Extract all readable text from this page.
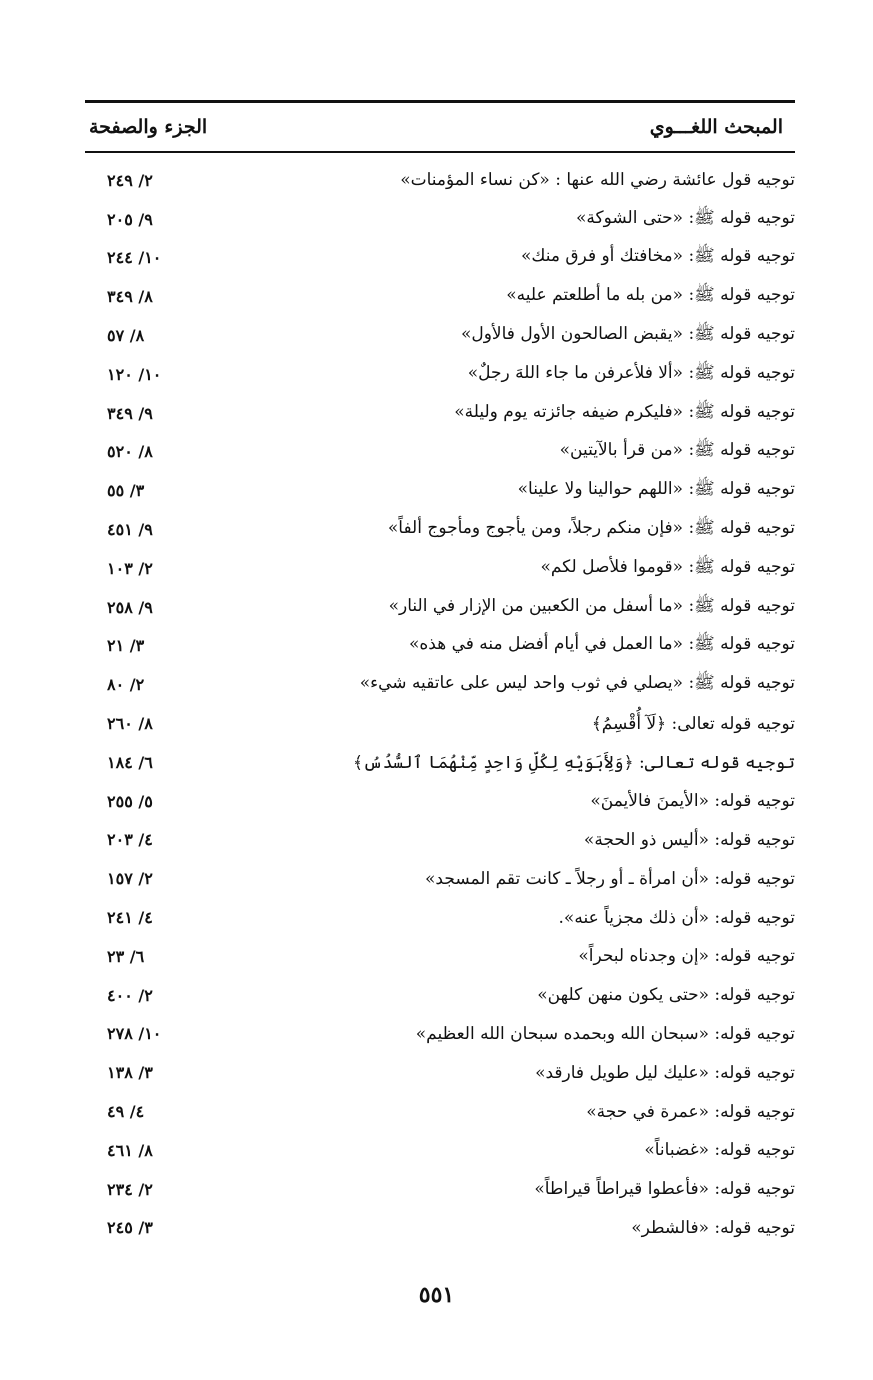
المبحث اللغـــوي
الجزء والصفحة
توجيه قول عائشة رضي الله عنها : «كن نساء المؤمنات»
٢/ ٢٤٩
توجيه قوله ﷺ: «حتى الشوكة»
٩/ ٢٠٥
توجيه قوله ﷺ: «مخافتك أو فرق منك»
١٠/ ٢٤٤
توجيه قوله ﷺ: «من بله ما أطلعتم عليه»
٨/ ٣٤٩
توجيه قوله ﷺ: «يقبض الصالحون الأول فالأول»
٨/ ٥٧
توجيه قوله ﷺ: «ألا فلأعرفن ما جاء اللهَ رجلٌ»
١٠/ ١٢٠
توجيه قوله ﷺ: «فليكرم ضيفه جائزته يوم وليلة»
٩/ ٣٤٩
توجيه قوله ﷺ: «من قرأ بالآيتين»
٨/ ٥٢٠
توجيه قوله ﷺ: «اللهم حوالينا ولا علينا»
٣/ ٥٥
توجيه قوله ﷺ: «فإن منكم رجلاً، ومن يأجوج ومأجوج ألفاً»
٩/ ٤٥١
توجيه قوله ﷺ: «قوموا فلأصل لكم»
٢/ ١٠٣
توجيه قوله ﷺ: «ما أسفل من الكعبين من الإزار في النار»
٩/ ٢٥٨
توجيه قوله ﷺ: «ما العمل في أيام أفضل منه في هذه»
٣/ ٢١
توجيه قوله ﷺ: «يصلي في ثوب واحد ليس على عاتقيه شيء»
٢/ ٨٠
توجيه قوله تعالى: ﴿لَآ أُقْسِمُ﴾
٨/ ٢٦٠
توجيه قوله تعالى: ﴿وَلِأَبَوَيْهِ لِكُلِّ وَاحِدٍ مِّنْهُمَا ٱلسُّدُسُ﴾
٦/ ١٨٤
توجيه قوله: «الأيمنَ فالأيمنَ»
٥/ ٢٥٥
توجيه قوله: «أليس ذو الحجة»
٤/ ٢٠٣
توجيه قوله: «أن امرأة ـ أو رجلاً ـ كانت تقم المسجد»
٢/ ١٥٧
توجيه قوله: «أن ذلك مجزياً عنه».
٤/ ٢٤١
توجيه قوله: «إن وجدناه لبحراً»
٦/ ٢٣
توجيه قوله: «حتى يكون منهن كلهن»
٢/ ٤٠٠
توجيه قوله: «سبحان الله وبحمده سبحان الله العظيم»
١٠/ ٢٧٨
توجيه قوله: «عليك ليل طويل فارقد»
٣/ ١٣٨
توجيه قوله: «عمرة في حجة»
٤/ ٤٩
توجيه قوله: «غضباناً»
٨/ ٤٦١
توجيه قوله: «فأعطوا قيراطاً قيراطاً»
٢/ ٢٣٤
توجيه قوله: «فالشطر»
٣/ ٢٤٥
٥٥١
